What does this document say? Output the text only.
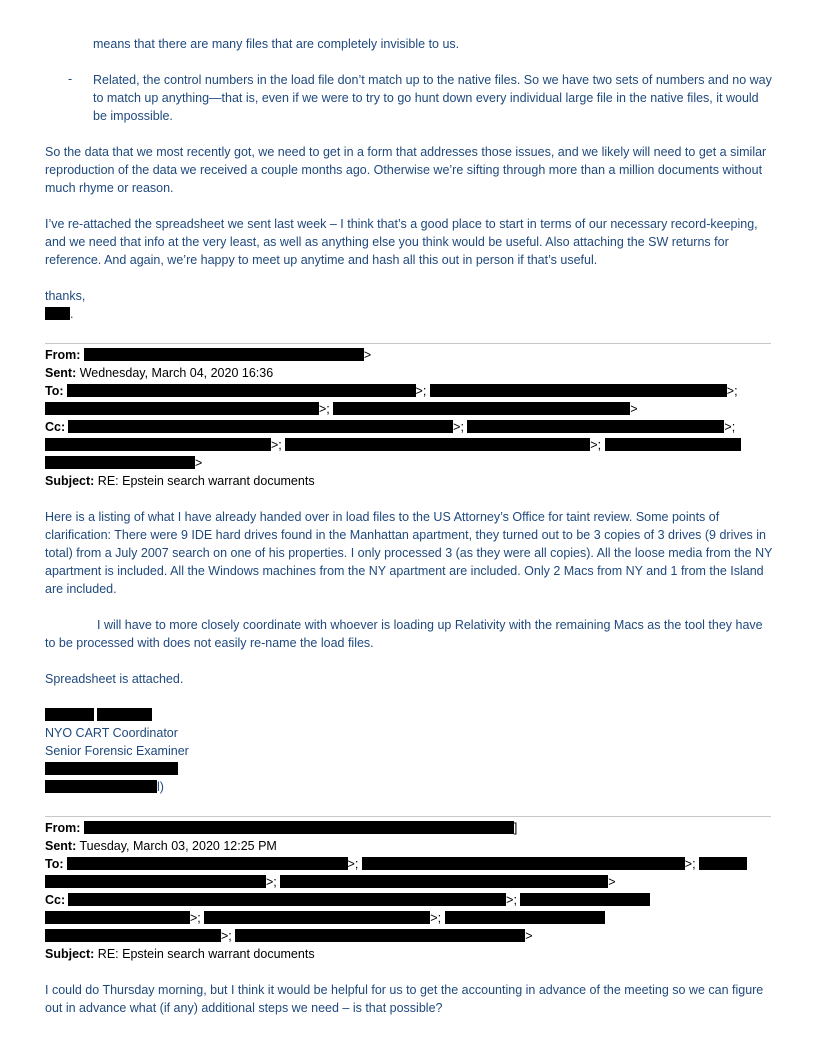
means that there are many files that are completely invisible to us.

- Related, the control numbers in the load file don’t match up to the native files. So we have two sets of numbers and no way to match up anything—that is, even if we were to try to go hunt down every individual large file in the native files, it would be impossible.

So the data that we most recently got, we need to get in a form that addresses those issues, and we likely will need to get a similar reproduction of the data we received a couple months ago. Otherwise we’re sifting through more than a million documents without much rhyme or reason.

I’ve re-attached the spreadsheet we sent last week – I think that’s a good place to start in terms of our necessary record-keeping, and we need that info at the very least, as well as anything else you think would be useful. Also attaching the SW returns for reference. And again, we’re happy to meet up anytime and hash all this out in person if that’s useful.

thanks,

.
From:	>
Sent: Wednesday, March 04, 2020 16:36
To:	>;	>;
>;	>
Cc:	>;	>;
>;	>;
>
Subject: RE: Epstein search warrant documents

Here is a listing of what I have already handed over in load files to the US Attorney’s Office for taint review. Some points of clarification: There were 9 IDE hard drives found in the Manhattan apartment, they turned out to be 3 copies of 3 drives (9 drives in total) from a July 2007 search on one of his properties. I only processed 3 (as they were all copies). All the loose media from the NY apartment is included. All the Windows machines from the NY apartment are included. Only 2 Macs from NY and 1 from the Island are included.

I will have to more closely coordinate with whoever is loading up Relativity with the remaining Macs as the tool they have to be processed with does not easily re-name the load files.

Spreadsheet is attached.

NYO CART Coordinator

Senior Forensic Examiner

l)
From:	]
Sent: Tuesday, March 03, 2020 12:25 PM
To:	>;	>;
>;	>
Cc:	>;
>;	>;
>;	>
Subject: RE: Epstein search warrant documents

I could do Thursday morning, but I think it would be helpful for us to get the accounting in advance of the meeting so we can figure out in advance what (if any) additional steps we need – is that possible?
